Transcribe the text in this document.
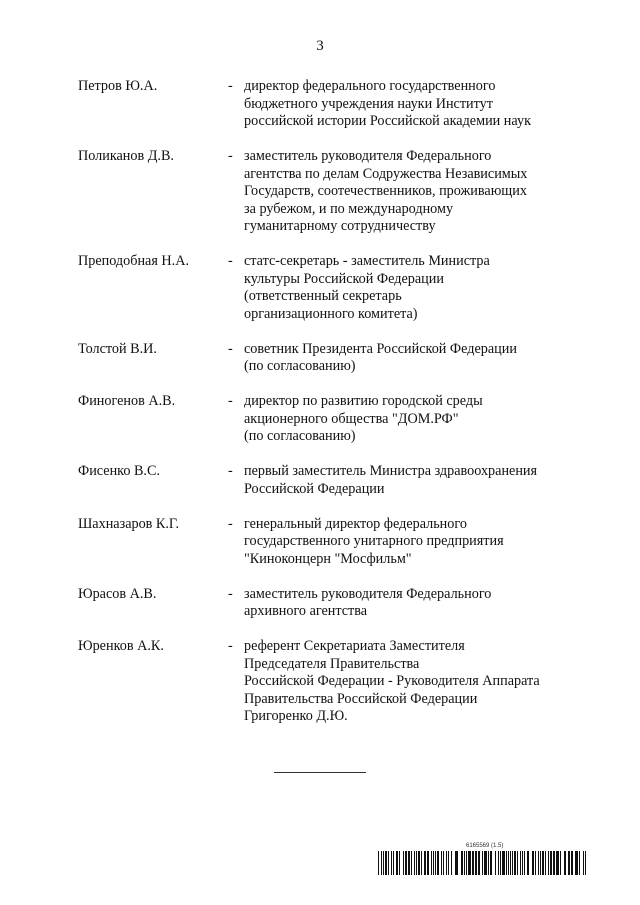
3
Петров Ю.А.	- директор федерального государственного
бюджетного учреждения науки Институт
российской истории Российской академии наук
Поликанов Д.В.	- заместитель руководителя Федерального
агентства по делам Содружества Независимых
Государств, соотечественников, проживающих
за рубежом, и по международному
гуманитарному сотрудничеству
Преподобная Н.А.	- статс-секретарь - заместитель Министра
культуры Российской Федерации
(ответственный секретарь
организационного комитета)
Толстой В.И.	- советник Президента Российской Федерации
(по согласованию)
Финогенов А.В.	- директор по развитию городской среды
акционерного общества "ДОМ.РФ"
(по согласованию)
Фисенко В.С.	- первый заместитель Министра здравоохранения
Российской Федерации
Шахназаров К.Г.	- генеральный директор федерального
государственного унитарного предприятия
"Киноконцерн "Мосфильм"
Юрасов А.В.	- заместитель руководителя Федерального
архивного агентства
Юренков А.К.	- референт Секретариата Заместителя
Председателя Правительства
Российской Федерации - Руководителя Аппарата
Правительства Российской Федерации
Григоренко Д.Ю.
6165569 (1.5)
